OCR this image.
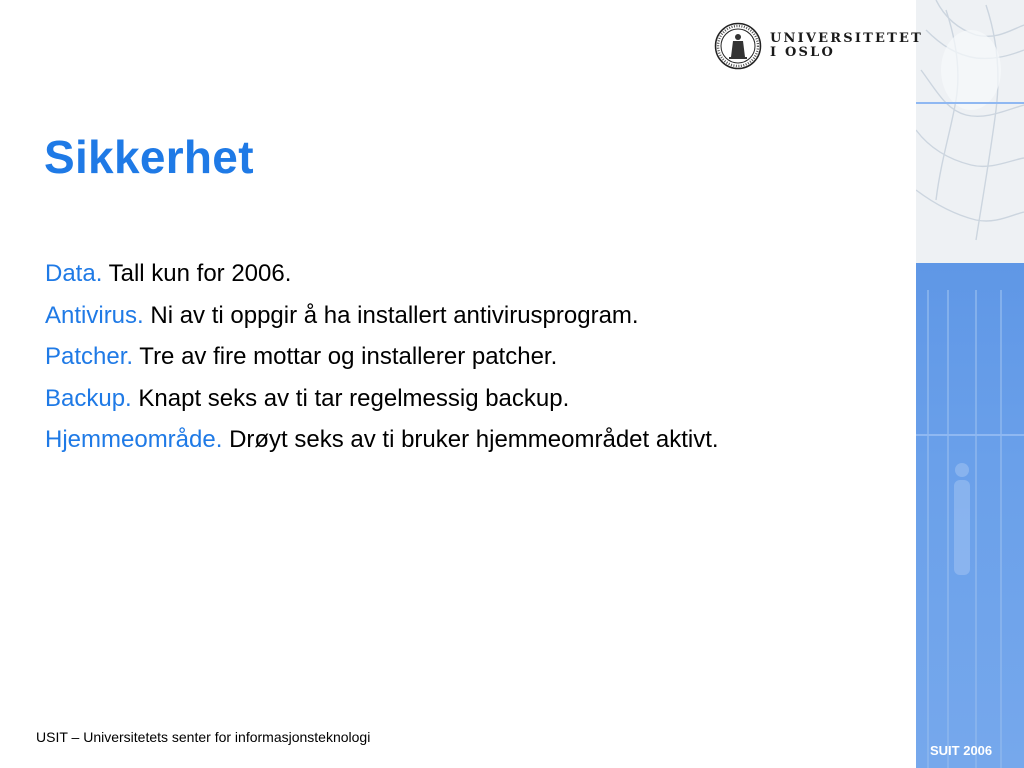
UNIVERSITETET
I OSLO
Sikkerhet
Data. Tall kun for 2006.
Antivirus. Ni av ti oppgir å ha installert antivirusprogram.
Patcher. Tre av fire mottar og installerer patcher.
Backup. Knapt seks av ti tar regelmessig backup.
Hjemmeområde. Drøyt seks av ti bruker hjemmeområdet aktivt.
USIT – Universitetets senter for informasjonsteknologi
SUIT 2006
